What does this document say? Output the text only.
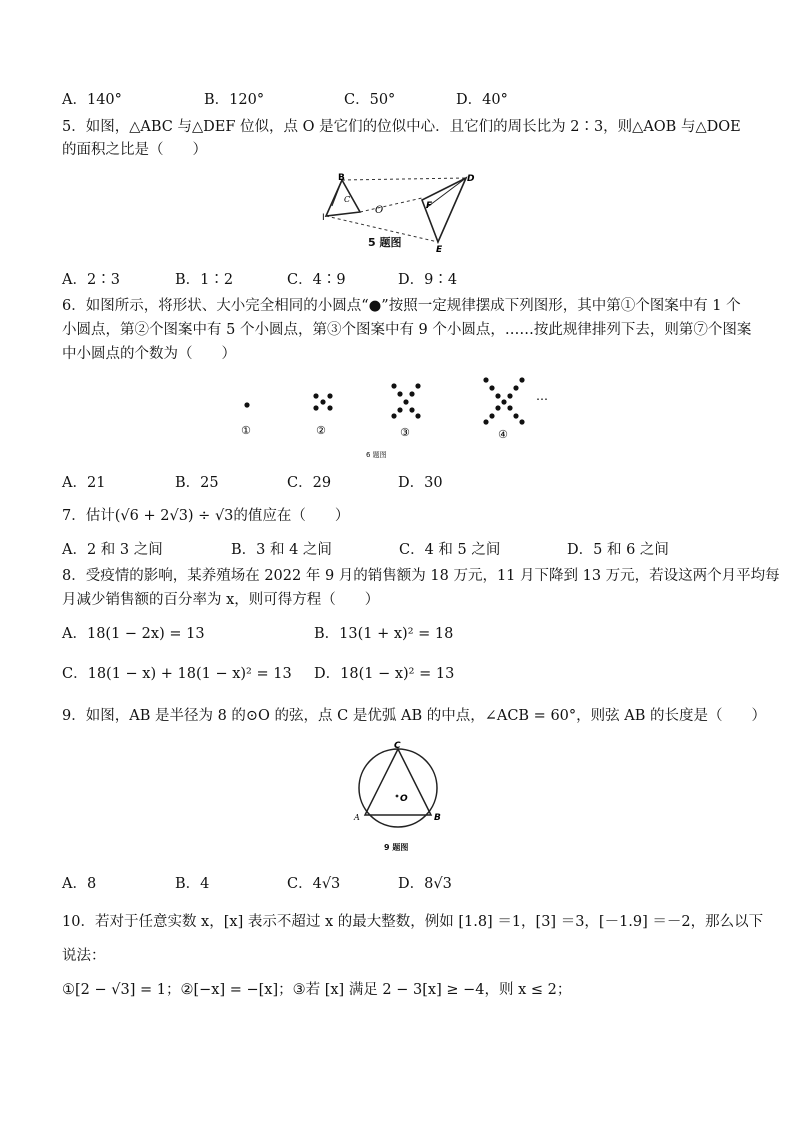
A．140°	B．120°	C．50°	D．40°
5．如图，△ABC 与△DEF 位似，点 O 是它们的位似中心．且它们的周长比为 2∶3，则△AOB 与△DOE
的面积之比是（　　）
B
C
I
O
D
F
E
5 题图
A．2∶3	B．1∶2	C．4∶9	D．9∶4
6．如图所示，将形状、大小完全相同的小圆点“●”按照一定规律摆成下列图形，其中第①个图案中有 1 个
小圆点，第②个图案中有 5 个小圆点，第③个图案中有 9 个小圆点，……按此规律排列下去，则第⑦个图案
中小圆点的个数为（　　）
…
①	②	③	④
6 题图
A．21	B．25	C．29	D．30
7．估计(√6 + 2√3) ÷ √3的值应在（　　）
A．2 和 3 之间	B．3 和 4 之间	C．4 和 5 之间	D．5 和 6 之间
8．受疫情的影响，某养殖场在 2022 年 9 月的销售额为 18 万元，11 月下降到 13 万元，若设这两个月平均每
月减少销售额的百分率为 x，则可得方程（　　）
A．18(1 − 2x) = 13	B．13(1 + x)² = 18
C．18(1 − x) + 18(1 − x)² = 13 D．18(1 − x)² = 13
9．如图，AB 是半径为 8 的⊙O 的弦，点 C 是优弧 AB 的中点，∠ACB = 60°，则弦 AB 的长度是（　　）
C
O
A	B
9 题图
A．8	B．4	C．4√3	D．8√3
10．若对于任意实数 x，[x] 表示不超过 x 的最大整数，例如 [1.8] ＝1，[3] ＝3，[－1.9] ＝－2，那么以下
说法：
①[2 − √3] = 1；②[−x] = −[x]；③若 [x] 满足 2 − 3[x] ≥ −4，则 x ≤ 2；
